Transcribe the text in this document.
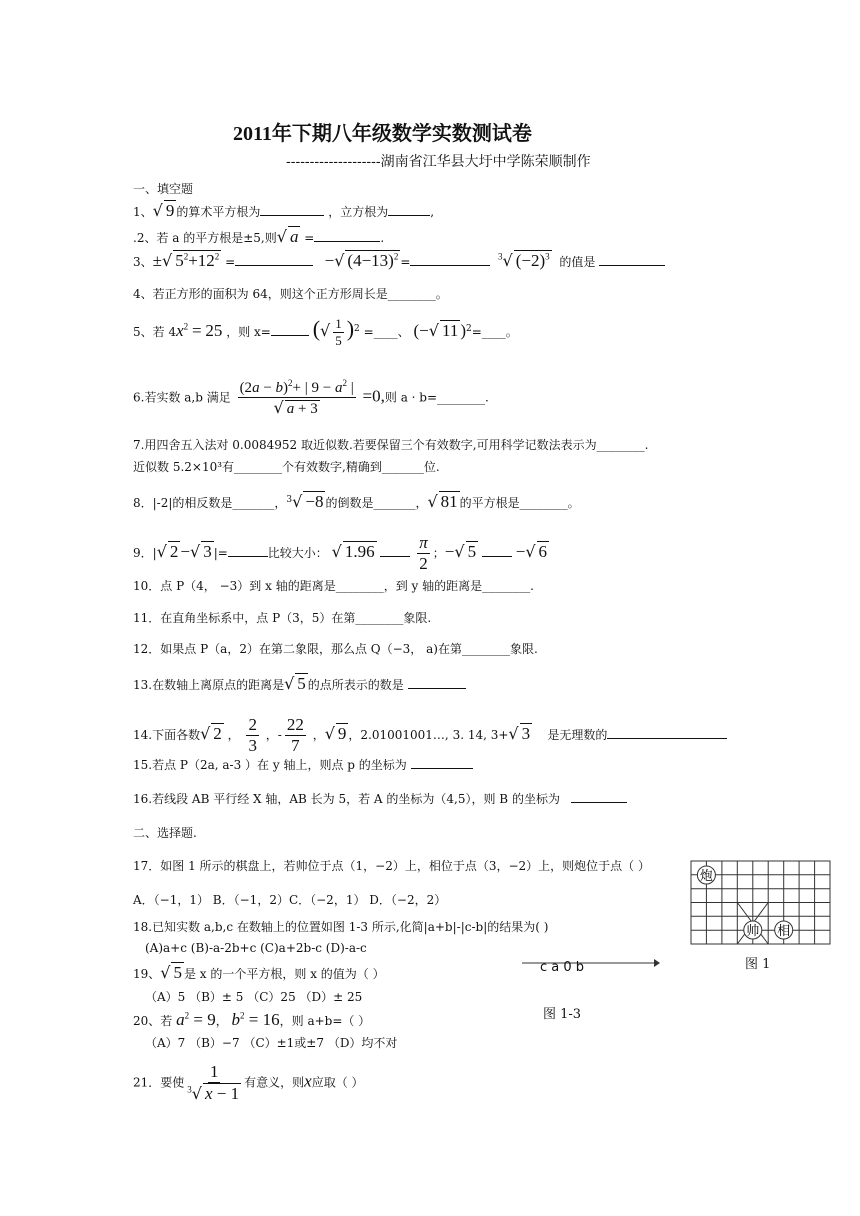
2011年下期八年级数学实数测试卷
--------------------湖南省江华县大圩中学陈荣顺制作
一、填空题
1、√ 9 的算术平方根为	，立方根为	,
.2、若 a 的平方根是±5,则√ a =	.
3、±√ $5^2+12^2$ =	−√ $(4-13)^2$ =	$^3$√ $(-2)^3$ 的值是
4、若正方形的面积为 64，则这个正方形周长是________。
5、若 $4x^2 = 25$ ，则 x= (√ $\frac{1}{5} )^2$ =____、 (−√ 11 )$^2$=____。
6.若实数 a,b 满足 $\frac{(2a - b)^2+ | 9 - a^2 |}{√ a + 3} =0$,则 a · b=________.
7.用四舍五入法对 0.0084952 取近似数.若要保留三个有效数字,可用科学记数法表示为________.
近似数 5.2×10³有________个有效数字,精确到_______位.
8．|-2|的相反数是_______，$^3$√ −8 的倒数是_______，√ 81 的平方根是________。
9．|√ 2 −√ 3 |=	比较大小： √ 1.96	$\frac{\pi}{2}$ ；−√ 5 −√ 6
10．点 P（4， −3）到 x 轴的距离是________，到 y 轴的距离是________.
11．在直角坐标系中，点 P（3，5）在第________象限.
12．如果点 P（a，2）在第二象限，那么点 Q（−3， a)在第________象限.
13.在数轴上离原点的距离是√ 5 的点所表示的数是
14.下面各数√ 2 ， $\frac{2}{3}$ ，- $\frac{22}{7}$ ，√ 9 ，2.01001001…, 3. 14, 3+√ 3 是无理数的
15.若点 P（2a, a-3 ）在 y 轴上，则点 p 的坐标为
16.若线段 AB 平行经 X 轴，AB 长为 5，若 A 的坐标为（4,5），则 B 的坐标为
二、选择题.
17．如图 1 所示的棋盘上，若帅位于点（1，−2）上，相位于点（3，−2）上，则炮位于点（ ）
A．（−1，1） B．（−1，2）C．（−2，1） D．（−2，2）
18.已知实数 a,b,c 在数轴上的位置如图 1-3 所示,化简|a+b|-|c-b|的结果为( )
(A)a+c (B)-a-2b+c (C)a+2b-c (D)-a-c
19、√ 5 是 x 的一个平方根，则 x 的值为（ ）
（A）5 （B）± 5 （C）25 （D）± 25
20、若 $a^2 = 9$， $b^2 = 16$，则 a+b=（ ）
（A）7 （B）−7 （C）±1或±7 （D）均不对
21．要使 $\frac{1}{^3√ x - 1}$ 有意义，则x应取（ ）
炮
帅 相
图 1
c a 0 b
图 1-3
